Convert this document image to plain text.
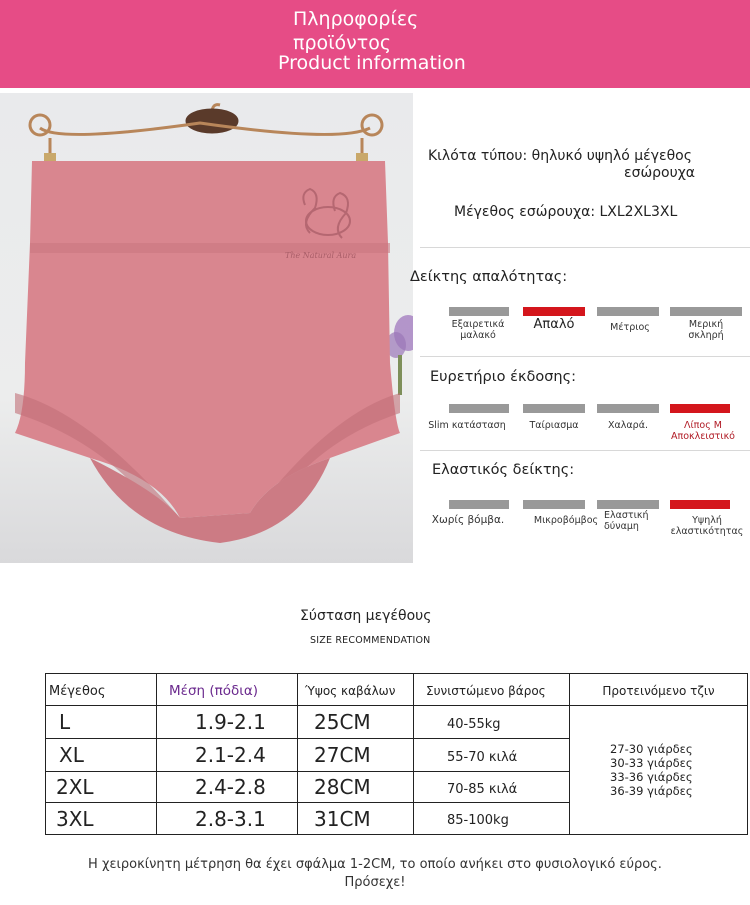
Πληροφορίες
προϊόντος
Product information
The Natural Aura
Κιλότα τύπου: θηλυκό υψηλό μέγεθος
εσώρουχα
Μέγεθος εσώρουχα: LXL2XL3XL
Δείκτης απαλότητας:
Εξαιρετικά μαλακό
Απαλό	Μέτριος	Μερική σκληρή
Ευρετήριο έκδοσης:
Slim κατάσταση	Ταίριασμα	Χαλαρά.	Λίπος Μ Αποκλειστικό
Ελαστικός δείκτης:
Χωρίς βόμβα.	Μικροβόμβος Ελαστική δύναμη
Υψηλή ελαστικότητας
Σύσταση μεγέθους
SIZE RECOMMENDATION
Μέγεθος	Μέση (πόδια)	Ύψος καβάλων	Συνιστώμενο βάρος	Προτεινόμενο τζιν
L	1.9-2.1	25CM	40-55kg	27-30 γιάρδες
30-33 γιάρδες
33-36 γιάρδες
36-39 γιάρδες

XL	2.1-2.4	27CM	55-70 κιλά	
2XL	2.4-2.8	28CM	70-85 κιλά	
3XL	2.8-3.1	31CM	85-100kg	
Η χειροκίνητη μέτρηση θα έχει σφάλμα 1-2CM, το οποίο ανήκει στο φυσιολογικό εύρος.
Πρόσεχε!
